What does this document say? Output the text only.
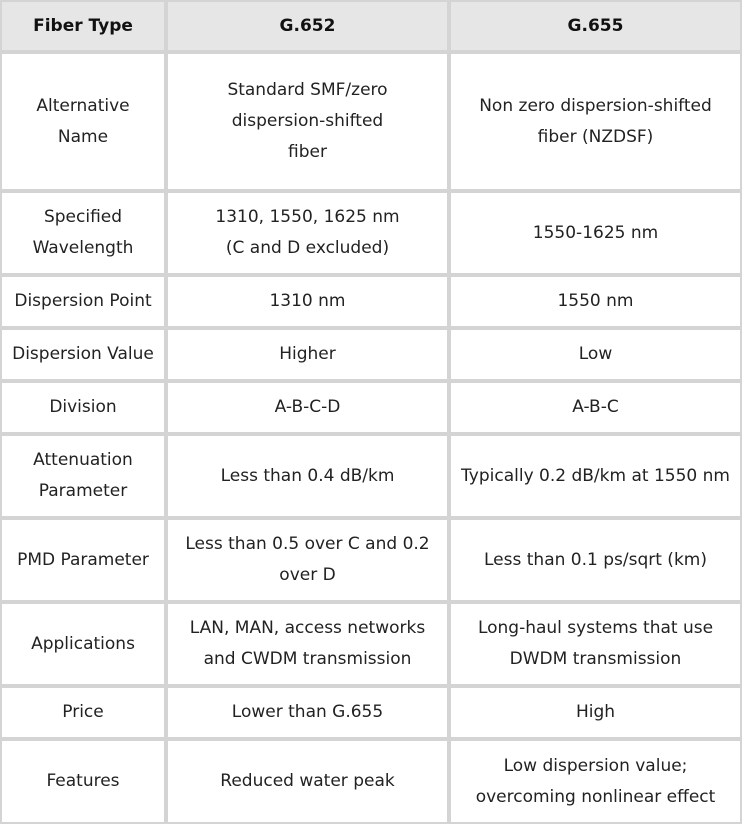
Fiber Type	G.652	G.655
Alternative Name	Standard SMF/zero dispersion-shifted fiber	Non zero dispersion-shifted fiber (NZDSF)
Specified Wavelength	1310, 1550, 1625 nm (C and D excluded)	1550-1625 nm
Dispersion Point	1310 nm	1550 nm
Dispersion Value	Higher	Low
Division	A-B-C-D	A-B-C
Attenuation Parameter	Less than 0.4 dB/km	Typically 0.2 dB/km at 1550 nm
PMD Parameter	Less than 0.5 over C and 0.2 over D	Less than 0.1 ps/sqrt (km)
Applications	LAN, MAN, access networks and CWDM transmission	Long-haul systems that use DWDM transmission
Price	Lower than G.655	High
Features	Reduced water peak	Low dispersion value; overcoming nonlinear effect
